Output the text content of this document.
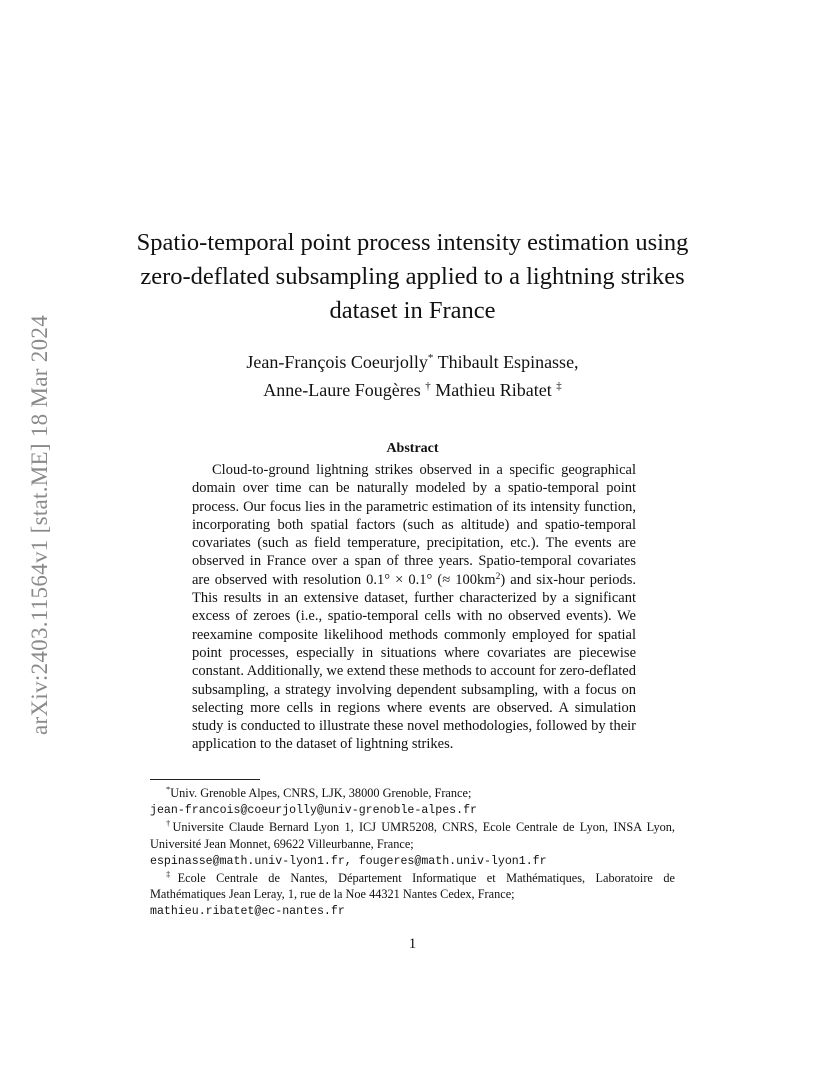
arXiv:2403.11564v1 [stat.ME] 18 Mar 2024
Spatio-temporal point process intensity estimation using zero-deflated subsampling applied to a lightning strikes dataset in France
Jean-François Coeurjolly* Thibault Espinasse,
Anne-Laure Fougères † Mathieu Ribatet ‡
Abstract
Cloud-to-ground lightning strikes observed in a specific geographical domain over time can be naturally modeled by a spatio-temporal point process. Our focus lies in the parametric estimation of its intensity function, incorporating both spatial factors (such as altitude) and spatio-temporal covariates (such as field temperature, precipitation, etc.). The events are observed in France over a span of three years. Spatio-temporal covariates are observed with resolution 0.1° × 0.1° (≈ $100km^2$) and six-hour periods. This results in an extensive dataset, further characterized by a significant excess of zeroes (i.e., spatio-temporal cells with no observed events). We reexamine composite likelihood methods commonly employed for spatial point processes, especially in situations where covariates are piecewise constant. Additionally, we extend these methods to account for zero-deflated subsampling, a strategy involving dependent subsampling, with a focus on selecting more cells in regions where events are observed. A simulation study is conducted to illustrate these novel methodologies, followed by their application to the dataset of lightning strikes.

*Univ. Grenoble Alpes, CNRS, LJK, 38000 Grenoble, France;
jean-francois@coeurjolly@univ-grenoble-alpes.fr

†Universite Claude Bernard Lyon 1, ICJ UMR5208, CNRS, Ecole Centrale de Lyon, INSA Lyon, Université Jean Monnet, 69622 Villeurbanne, France;
espinasse@math.univ-lyon1.fr, fougeres@math.univ-lyon1.fr

‡Ecole Centrale de Nantes, Département Informatique et Mathématiques, Laboratoire de Mathématiques Jean Leray, 1, rue de la Noe 44321 Nantes Cedex, France;
mathieu.ribatet@ec-nantes.fr

1
